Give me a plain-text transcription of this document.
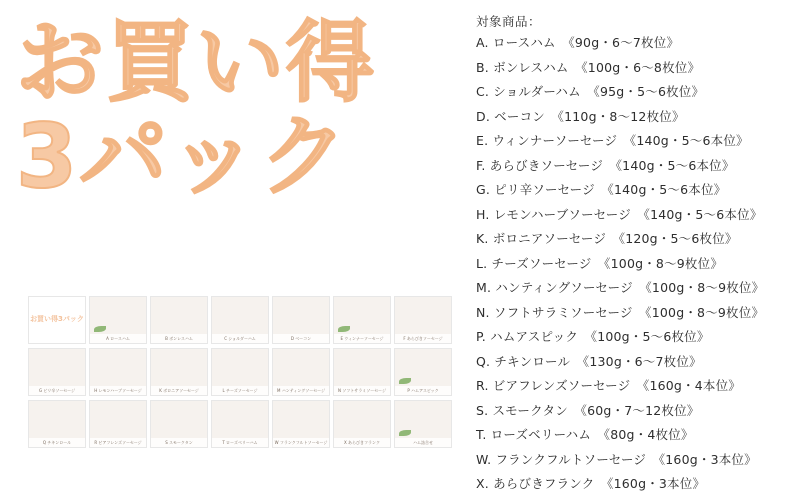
お買い得
3パック
お買い得3パック
A ロースハム	B ボンレスハム	C ショルダーハム	D ベーコン	E ウィンナーソーセージ	F あらびきソーセージ
G ピリ辛ソーセージ	H レモンハーブソーセージ	K ボロニアソーセージ	L チーズソーセージ	M ハンティングソーセージ	N ソフトサラミソーセージ	P ハムアスピック
Q チキンロール	R ビアフレンズソーセージ	S スモークタン	T ローズベリーハム	W フランクフルトソーセージ	X あらびきフランク	ハム詰合せ
対象商品：
A. ロースハム　《90g・6〜7枚位》
B. ボンレスハム　《100g・6〜8枚位》
C. ショルダーハム　《95g・5〜6枚位》
D. ベーコン　《110g・8〜12枚位》
E. ウィンナーソーセージ　《140g・5〜6本位》
F. あらびきソーセージ　《140g・5〜6本位》
G. ピリ辛ソーセージ　《140g・5〜6本位》
H. レモンハーブソーセージ　《140g・5〜6本位》
K. ボロニアソーセージ　《120g・5〜6枚位》
L. チーズソーセージ　《100g・8〜9枚位》
M. ハンティングソーセージ　《100g・8〜9枚位》
N. ソフトサラミソーセージ　《100g・8〜9枚位》
P. ハムアスピック　《100g・5〜6枚位》
Q. チキンロール　《130g・6〜7枚位》
R. ビアフレンズソーセージ　《160g・4本位》
S. スモークタン　《60g・7〜12枚位》
T. ローズベリーハム　《80g・4枚位》
W. フランクフルトソーセージ　《160g・3本位》
X. あらびきフランク　《160g・3本位》
